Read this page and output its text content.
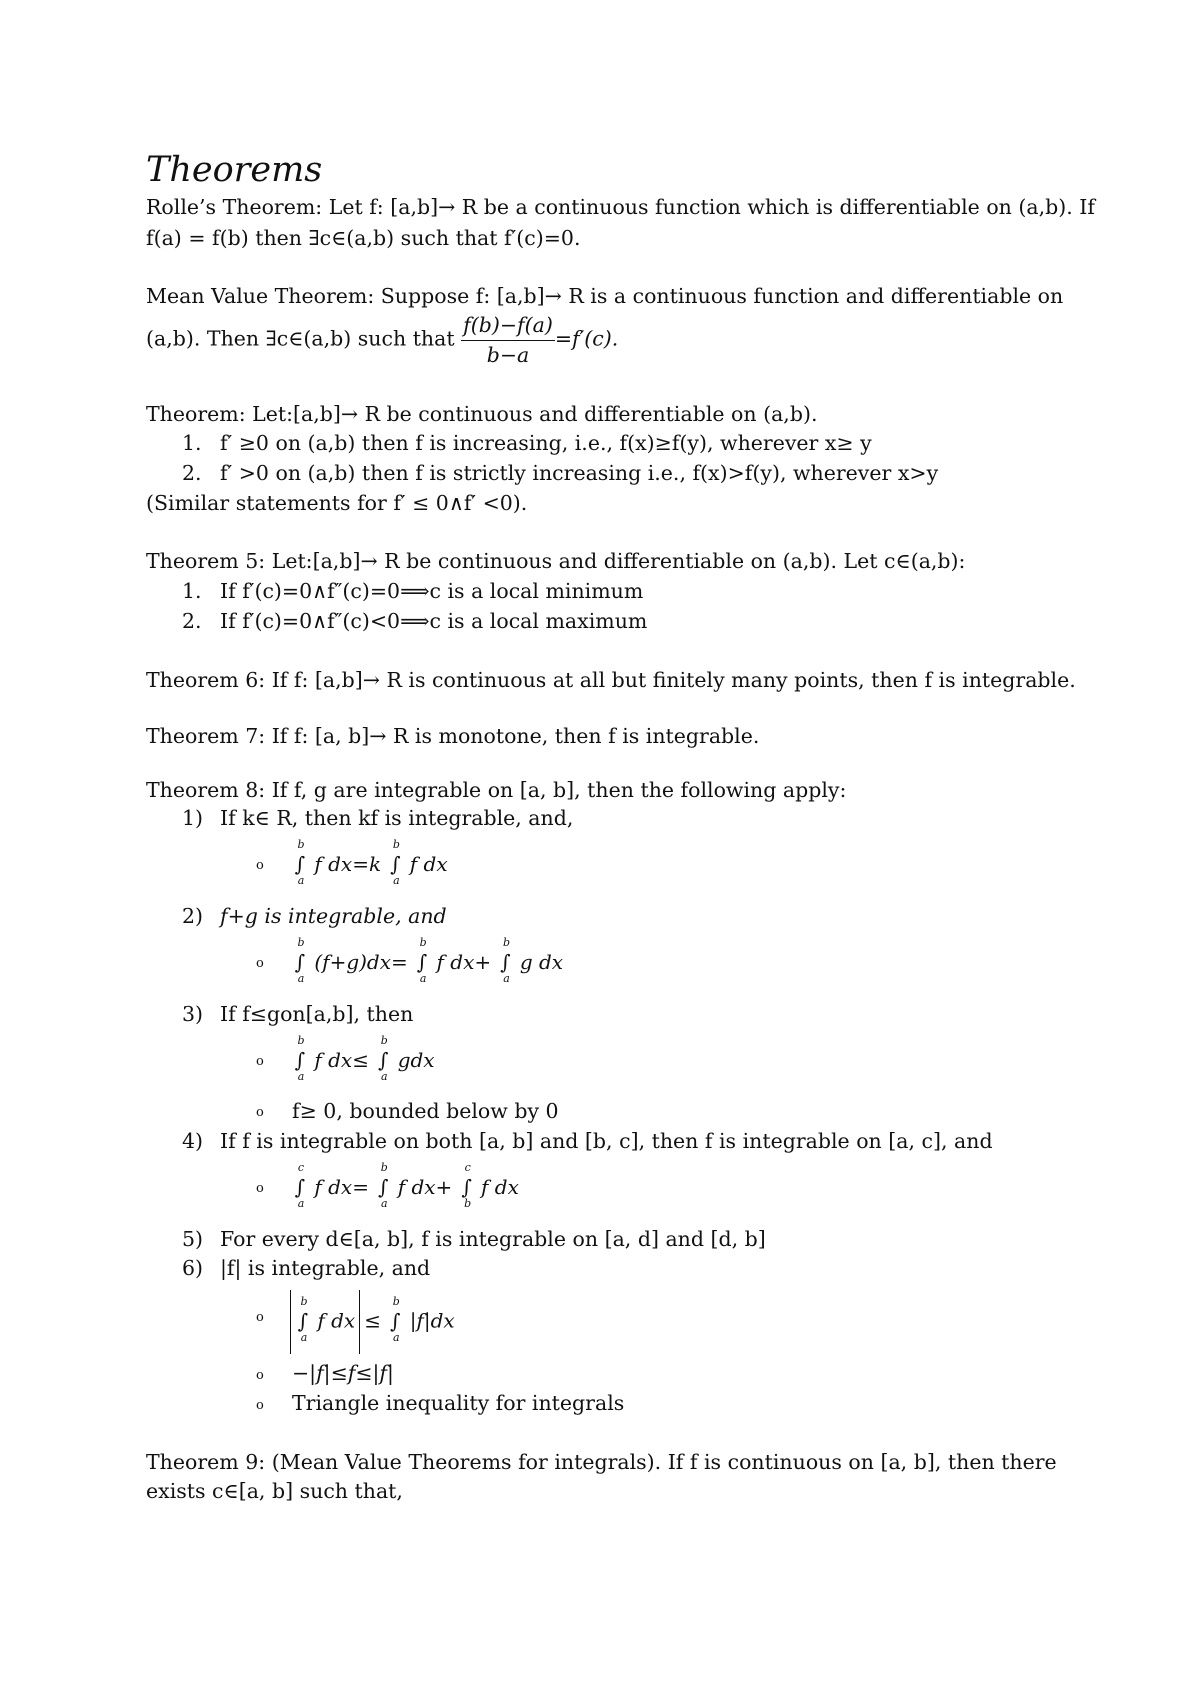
Theorems
Rolle’s Theorem: Let f: [a,b]→ R be a continuous function which is differentiable on (a,b). If
f(a) = f(b) then ∃c∈(a,b) such that f′(c)=0.
Mean Value Theorem: Suppose f: [a,b]→ R is a continuous function and differentiable on
(a,b). Then ∃c∈(a,b) such that $\frac{f(b)-f(a)}{b-a} =f'(c)$.
Theorem: Let:[a,b]→ R be continuous and differentiable on (a,b).
1. f′ ≥0 on (a,b) then f is increasing, i.e., f(x)≥f(y), wherever x≥ y
2. f′ >0 on (a,b) then f is strictly increasing i.e., f(x)>f(y), wherever x>y
(Similar statements for f′ ≤ 0∧f′ <0).
Theorem 5: Let:[a,b]→ R be continuous and differentiable on (a,b). Let c∈(a,b):
1. If f′(c)=0∧f″(c)=0⟹c is a local minimum
2. If f′(c)=0∧f″(c)<0⟹c is a local maximum
Theorem 6: If f: [a,b]→ R is continuous at all but finitely many points, then f is integrable.
Theorem 7: If f: [a, b]→ R is monotone, then f is integrable.
Theorem 8: If f, g are integrable on [a, b], then the following apply:
1) If k∈ R, then kf is integrable, and,
o
b
∫
a
f dx=k
b
∫
a
f dx
2) f+g is integrable, and
o
b
∫
a
(f+g)dx=
b
∫
a
f dx+
b
∫
a
g dx
3) If f≤gon[a,b], then
o
b
∫
a
f dx≤
b
∫
a
gdx
o f≥ 0, bounded below by 0
4) If f is integrable on both [a, b] and [b, c], then f is integrable on [a, c], and
o
c
∫
a
f dx=
b
∫
a
f dx+
c
∫
b
f dx
5) For every d∈[a, b], f is integrable on [a, d] and [d, b]
6) |f| is integrable, and
o
b
∫
a
f dx ≤
b
∫
a
|f|dx
o −|f|≤f≤|f|
o Triangle inequality for integrals
Theorem 9: (Mean Value Theorems for integrals). If f is continuous on [a, b], then there
exists c∈[a, b] such that,
